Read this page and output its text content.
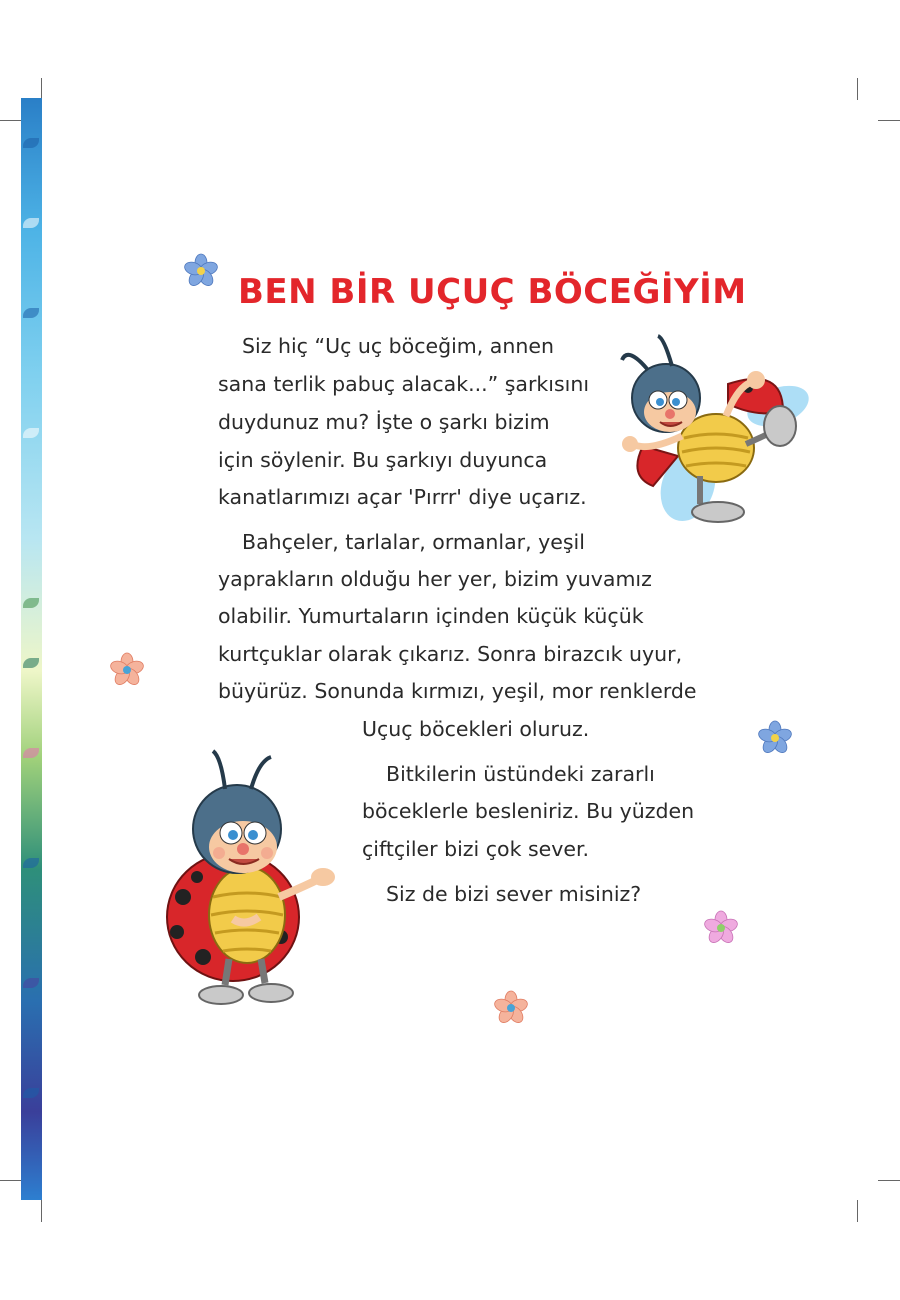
BEN BİR UÇUÇ BÖCEĞİYİM
Siz hiç “Uç uç böceğim, annen
sana terlik pabuç alacak...” şarkısını
duydunuz mu? İşte o şarkı bizim
için söylenir. Bu şarkıyı duyunca
kanatlarımızı açar 'Pırrr' diye uçarız.
Bahçeler, tarlalar, ormanlar, yeşil
yaprakların olduğu her yer, bizim yuvamız
olabilir. Yumurtaların içinden küçük küçük
kurtçuklar olarak çıkarız. Sonra birazcık uyur,
büyürüz. Sonunda kırmızı, yeşil, mor renklerde
Uçuç böcekleri oluruz.
Bitkilerin üstündeki zararlı
böceklerle besleniriz. Bu yüzden
çiftçiler bizi çok sever.
Siz de bizi sever misiniz?
